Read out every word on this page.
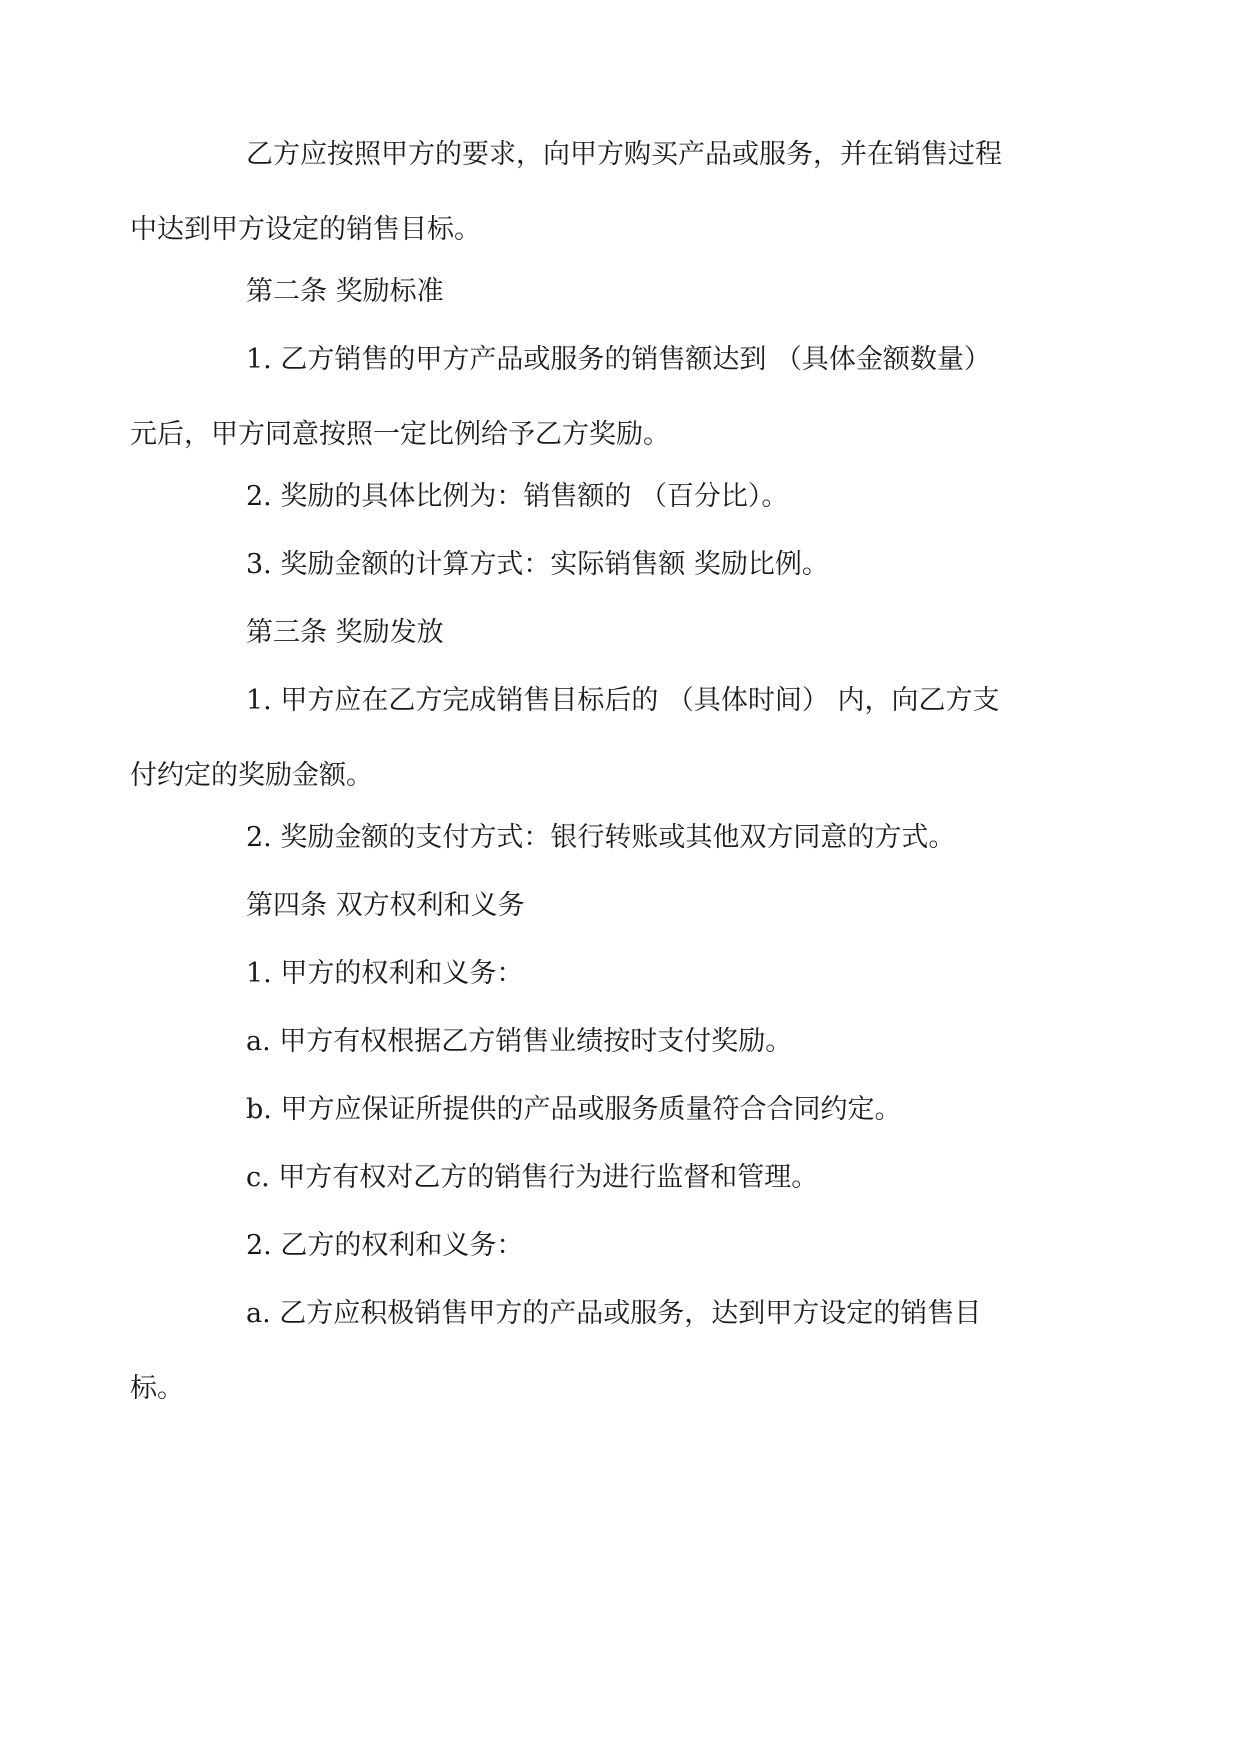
乙方应按照甲方的要求，向甲方购买产品或服务，并在销售过程
中达到甲方设定的销售目标。

第二条 奖励标准

1. 乙方销售的甲方产品或服务的销售额达到 （具体金额数量）
元后，甲方同意按照一定比例给予乙方奖励。

2. 奖励的具体比例为：销售额的 （百分比）。

3. 奖励金额的计算方式：实际销售额 奖励比例。

第三条 奖励发放

1. 甲方应在乙方完成销售目标后的 （具体时间） 内，向乙方支
付约定的奖励金额。

2. 奖励金额的支付方式：银行转账或其他双方同意的方式。

第四条 双方权利和义务

1. 甲方的权利和义务：

a. 甲方有权根据乙方销售业绩按时支付奖励。

b. 甲方应保证所提供的产品或服务质量符合合同约定。

c. 甲方有权对乙方的销售行为进行监督和管理。

2. 乙方的权利和义务：

a. 乙方应积极销售甲方的产品或服务，达到甲方设定的销售目
标。
